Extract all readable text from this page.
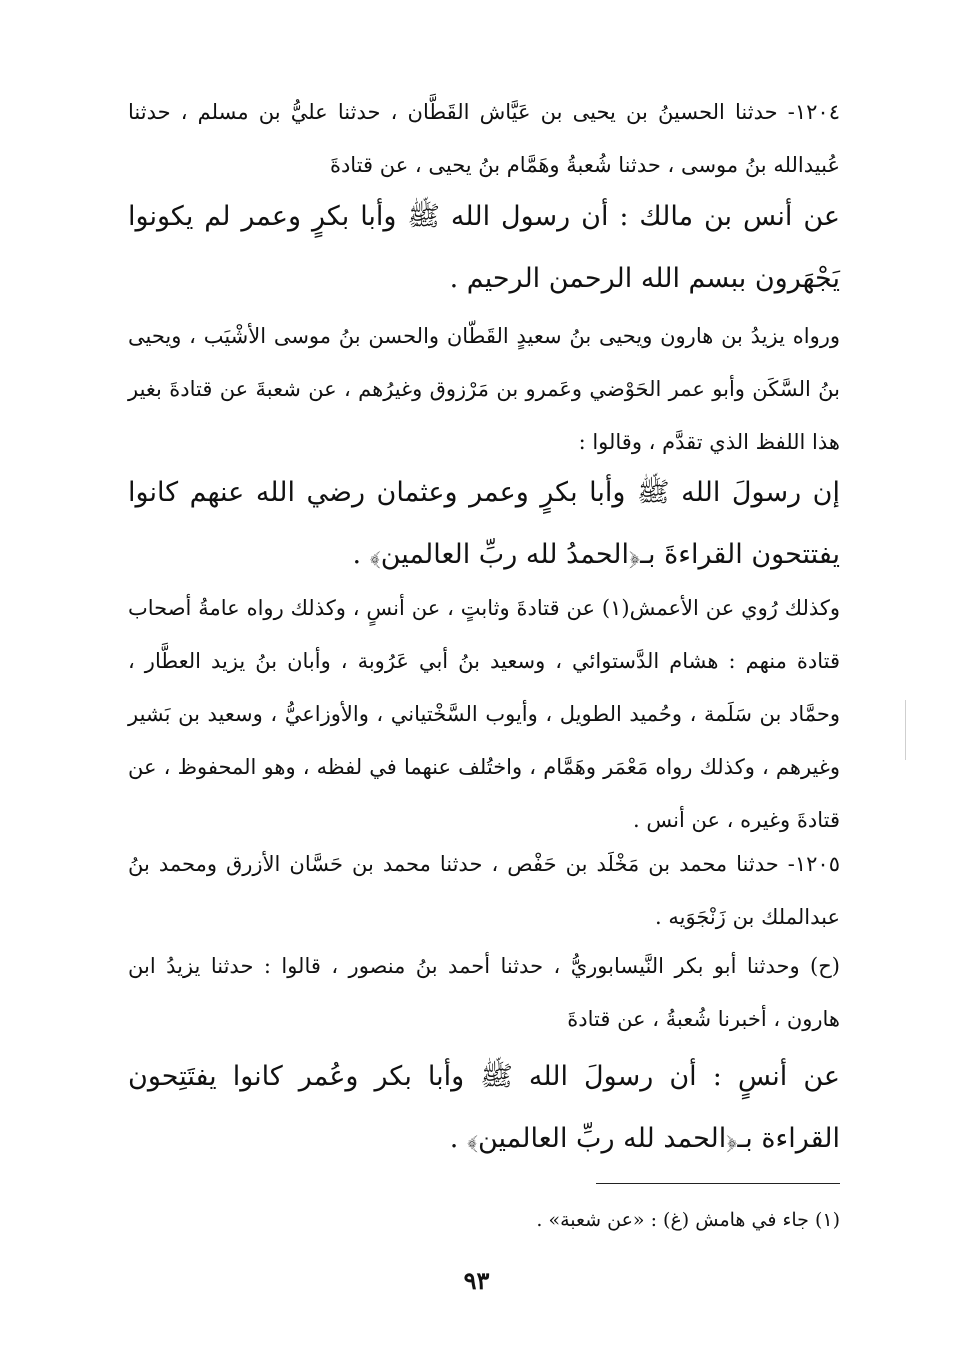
١٢٠٤- حدثنا الحسينُ بن يحيى بن عَيَّاش القَطَّان ، حدثنا عليُّ بن مسلم ، حدثنا عُبيدالله بنُ موسى ، حدثنا شُعبةُ وهَمَّام بنُ يحيى ، عن قتادةَ

عن أنس بن مالك : أن رسول الله ﷺ وأبا بكرٍ وعمر لم يكونوا يَجْهَرون ببسم الله الرحمن الرحيم .

ورواه يزيدُ بن هارون ويحيى بنُ سعيدٍ القَطّان والحسن بنُ موسى الأشْيَب ، ويحيى بنُ السَّكَن وأبو عمر الحَوْضي وعَمرو بن مَرْزوق وغيرُهم ، عن شعبةَ عن قتادةَ بغير هذا اللفظ الذي تقدَّم ، وقالوا :

إن رسولَ الله ﷺ وأبا بكرٍ وعمر وعثمان رضي الله عنهم كانوا يفتتحون القراءةَ بـ﴿الحمدُ لله ربِّ العالمين﴾ .

وكذلك رُوي عن الأعمش(١) عن قتادةَ وثابتٍ ، عن أنسٍ ، وكذلك رواه عامةُ أصحاب قتادة منهم : هشام الدَّستوائي ، وسعيد بنُ أبي عَرُوبة ، وأبان بنُ يزيد العطَّار ، وحمَّاد بن سَلَمة ، وحُميد الطويل ، وأيوب السَّخْتياني ، والأوزاعيُّ ، وسعيد بن بَشير وغيرهم ، وكذلك رواه مَعْمَر وهَمَّام ، واختُلف عنهما في لفظه ، وهو المحفوظ ، عن قتادةَ وغيره ، عن أنس .

١٢٠٥- حدثنا محمد بن مَخْلَد بن حَفْص ، حدثنا محمد بن حَسَّان الأزرق ومحمد بنُ عبدالملك بن زَنْجَوَيه .

(ح) وحدثنا أبو بكر النَّيسابوريُّ ، حدثنا أحمد بنُ منصور ، قالوا : حدثنا يزيدُ ابن هارون ، أخبرنا شُعبةُ ، عن قتادةَ

عن أنسٍ : أن رسولَ الله ﷺ وأبا بكر وعُمر كانوا يفتَتِحون القراءة بـ﴿الحمد لله ربِّ العالمين﴾ .

(١) جاء في هامش (غ) : «عن شعبة» .
٩٣
